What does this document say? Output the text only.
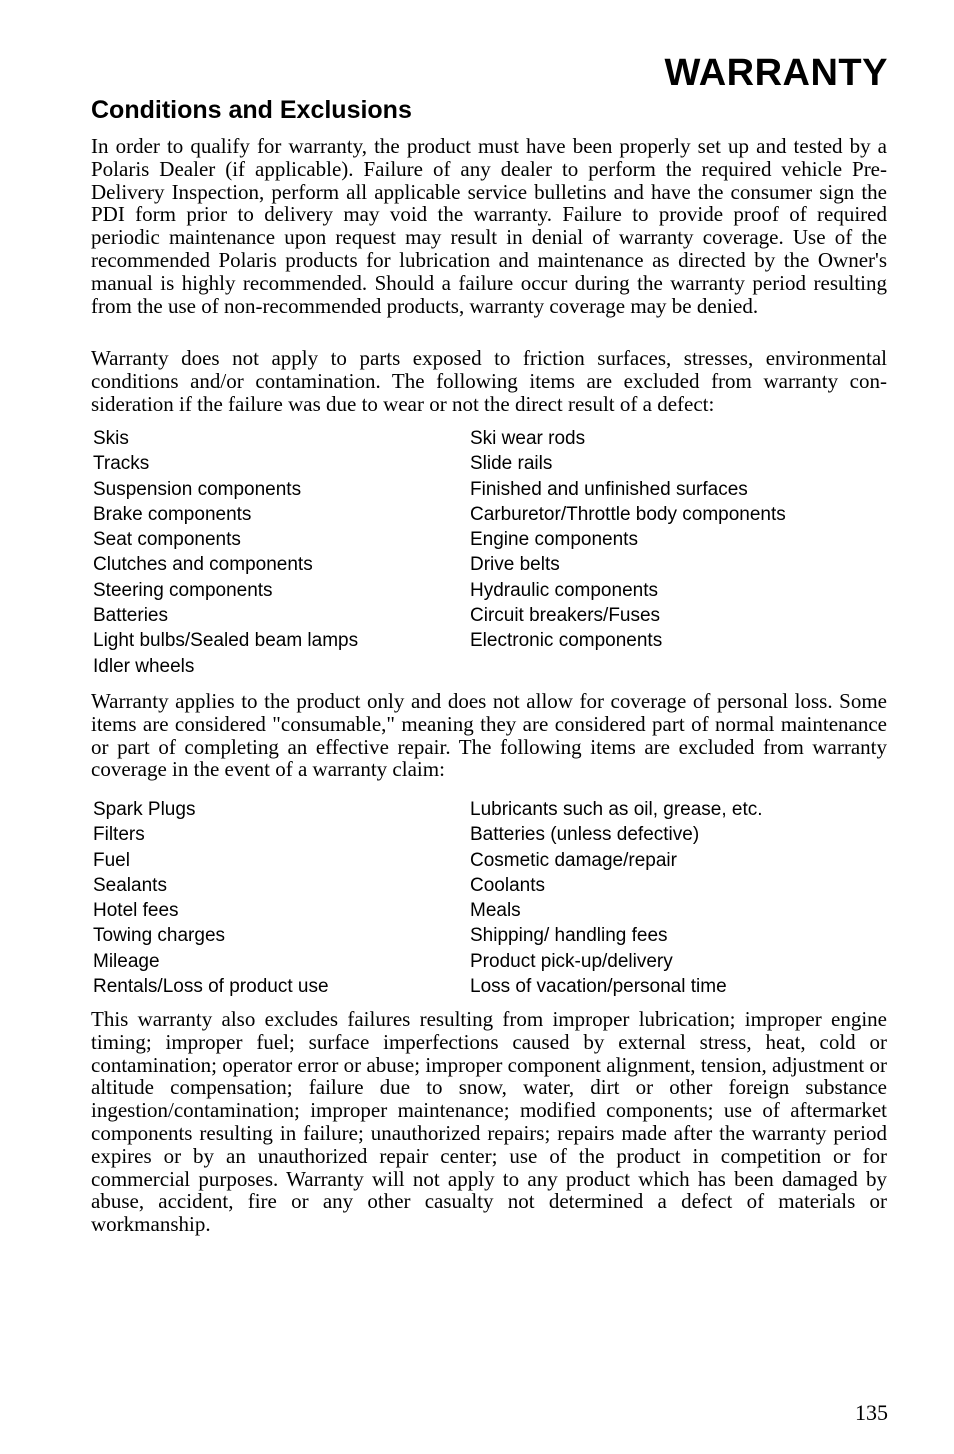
WARRANTY
Conditions and Exclusions

In order to qualify for warranty, the product must have been properly set up and tested by a Polaris Dealer (if applicable). Failure of any dealer to perform the required vehicle Pre-Delivery Inspection, perform all applicable service bulletins and have the consumer sign the PDI form prior to delivery may void the warranty. Failure to provide proof of required periodic maintenance upon request may result in denial of warranty coverage. Use of the recommended Polaris products for lubrication and maintenance as directed by the Owner's manual is highly recommended. Should a failure occur during the warranty period resulting from the use of non-recommended products, warranty coverage may be denied.

Warranty does not apply to parts exposed to friction surfaces, stresses, environmental conditions and/or contamination. The following items are excluded from warranty con-sideration if the failure was due to wear or not the direct result of a defect:

Skis	Ski wear rods
Tracks	Slide rails
Suspension components	Finished and unfinished surfaces
Brake components	Carburetor/Throttle body components
Seat components	Engine components
Clutches and components	Drive belts
Steering components	Hydraulic components
Batteries	Circuit breakers/Fuses
Light bulbs/Sealed beam lamps	Electronic components
Idler wheels

Warranty applies to the product only and does not allow for coverage of personal loss. Some items are considered "consumable," meaning they are considered part of normal maintenance or part of completing an effective repair. The following items are excluded from warranty coverage in the event of a warranty claim:

Spark Plugs	Lubricants such as oil, grease, etc.
Filters	Batteries (unless defective)
Fuel	Cosmetic damage/repair
Sealants	Coolants
Hotel fees	Meals
Towing charges	Shipping/ handling fees
Mileage	Product pick-up/delivery
Rentals/Loss of product use	Loss of vacation/personal time

This warranty also excludes failures resulting from improper lubrication; improper engine timing; improper fuel; surface imperfections caused by external stress, heat, cold or contamination; operator error or abuse; improper component alignment, tension, adjustment or altitude compensation; failure due to snow, water, dirt or other foreign substance ingestion/contamination; improper maintenance; modified components; use of aftermarket components resulting in failure; unauthorized repairs; repairs made after the warranty period expires or by an unauthorized repair center; use of the product in competition or for commercial purposes. Warranty will not apply to any product which has been damaged by abuse, accident, fire or any other casualty not determined a defect of materials or workmanship.

135
